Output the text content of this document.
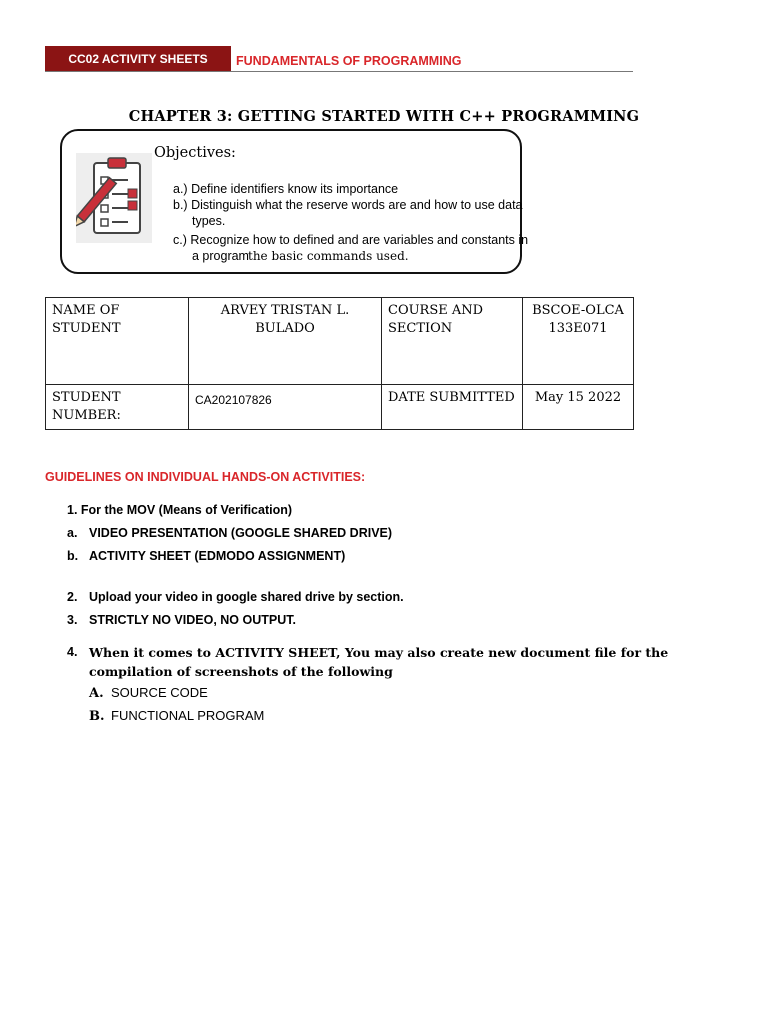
CC02 ACTIVITY SHEETS FUNDAMENTALS OF PROGRAMMING
CHAPTER 3: GETTING STARTED WITH C++ PROGRAMMING
Objectives:
a.) Define identifiers know its importance
b.) Distinguish what the reserve words are and how to use data
types.
c.) Recognize how to defined and are variables and constants in
a program the basic commands used.
NAME OF STUDENT	ARVEY TRISTAN L. BULADO	COURSE AND SECTION	BSCOE-OLCA133E071
STUDENT NUMBER:	CA202107826	DATE SUBMITTED	May 15 2022
GUIDELINES ON INDIVIDUAL HANDS-ON ACTIVITIES:
1. For the MOV (Means of Verification)
a. VIDEO PRESENTATION (GOOGLE SHARED DRIVE)
b. ACTIVITY SHEET (EDMODO ASSIGNMENT)
2. Upload your video in google shared drive by section.
3. STRICTLY NO VIDEO, NO OUTPUT.
4. When it comes to ACTIVITY SHEET, You may also create new document file for the
compilation of screenshots of the following
A. SOURCE CODE
B. FUNCTIONAL PROGRAM
